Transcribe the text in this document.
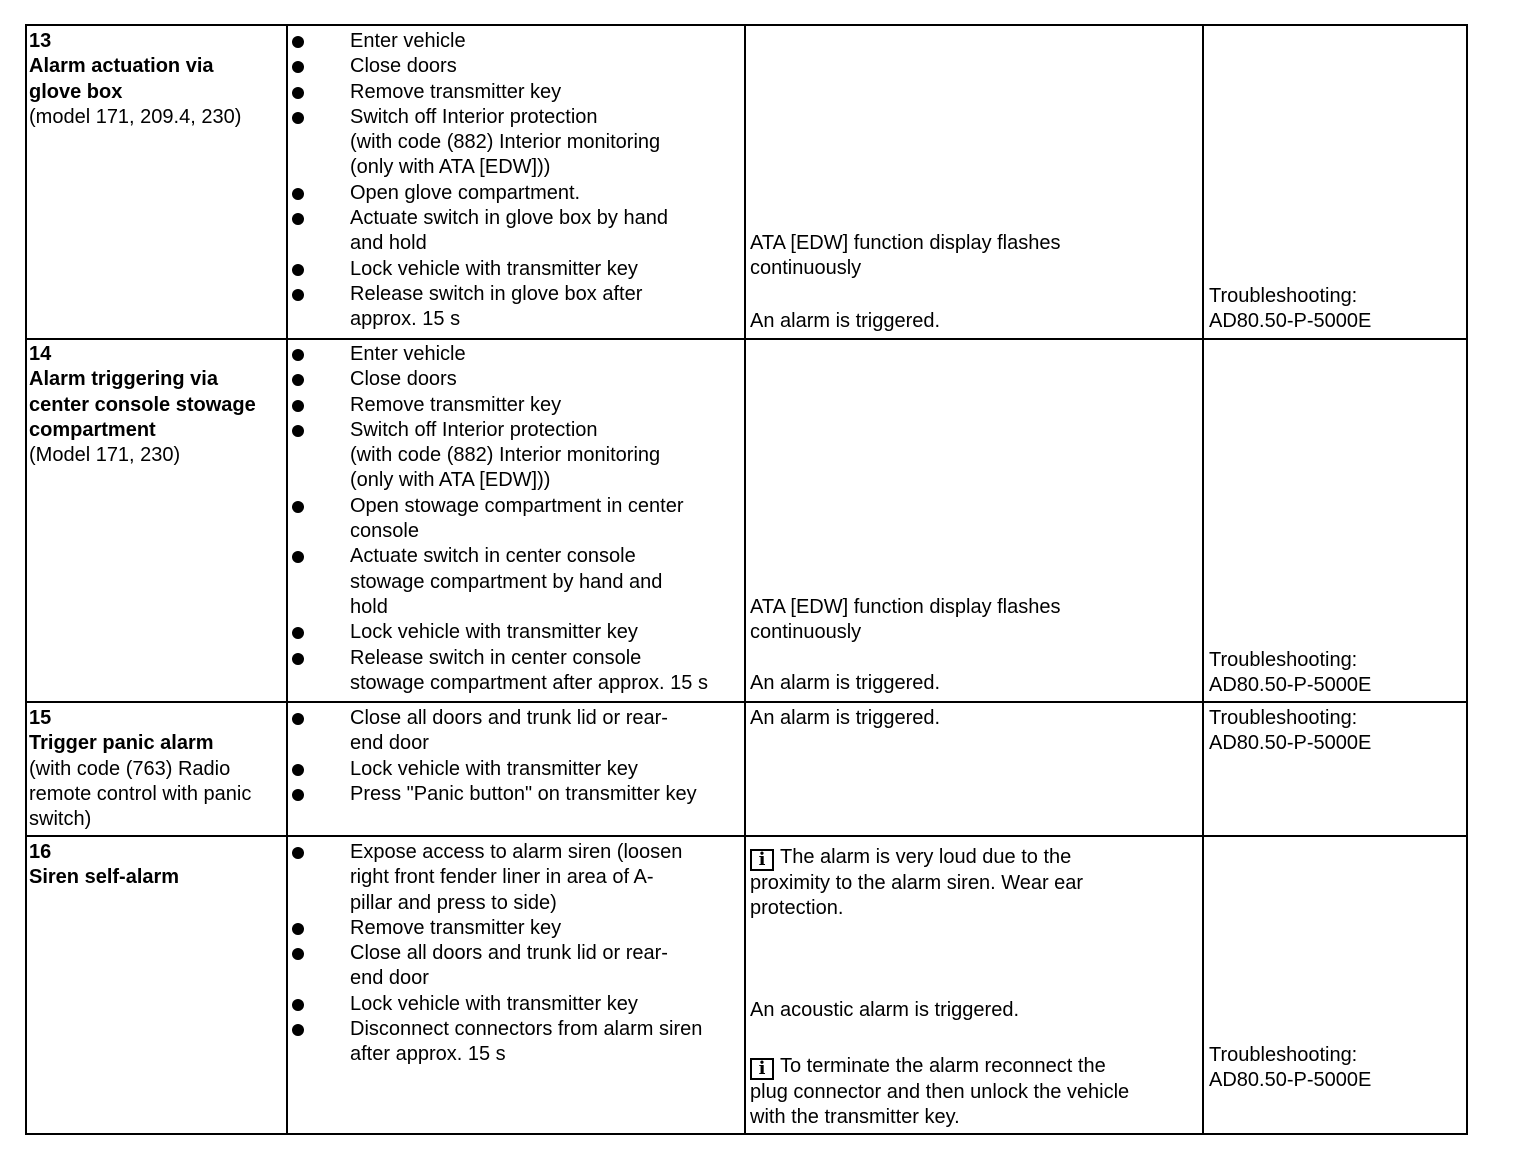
13
Alarm actuation via
glove box
(model 171, 209.4, 230)
Enter vehicle
Close doors
Remove transmitter key
Switch off Interior protection
(with code (882) Interior monitoring
(only with ATA [EDW]))
Open glove compartment.
Actuate switch in glove box by hand
and hold
Lock vehicle with transmitter key
Release switch in glove box after
approx. 15 s
ATA [EDW] function display flashes
continuously
An alarm is triggered.
Troubleshooting:
AD80.50-P-5000E
14
Alarm triggering via
center console stowage
compartment
(Model 171, 230)
Enter vehicle
Close doors
Remove transmitter key
Switch off Interior protection
(with code (882) Interior monitoring
(only with ATA [EDW]))
Open stowage compartment in center
console
Actuate switch in center console
stowage compartment by hand and
hold
Lock vehicle with transmitter key
Release switch in center console
stowage compartment after approx. 15 s
ATA [EDW] function display flashes
continuously
An alarm is triggered.
Troubleshooting:
AD80.50-P-5000E
15
Trigger panic alarm
(with code (763) Radio
remote control with panic
switch)
Close all doors and trunk lid or rear-
end door
Lock vehicle with transmitter key
Press "Panic button" on transmitter key
An alarm is triggered.	Troubleshooting:
AD80.50-P-5000E
16
Siren self-alarm
Expose access to alarm siren (loosen
right front fender liner in area of A-
pillar and press to side)
Remove transmitter key
Close all doors and trunk lid or rear-
end door
Lock vehicle with transmitter key
Disconnect connectors from alarm siren
after approx. 15 s
i The alarm is very loud due to the
proximity to the alarm siren. Wear ear
protection.
An acoustic alarm is triggered.
i To terminate the alarm reconnect the
plug connector and then unlock the vehicle
with the transmitter key.
Troubleshooting:
AD80.50-P-5000E
